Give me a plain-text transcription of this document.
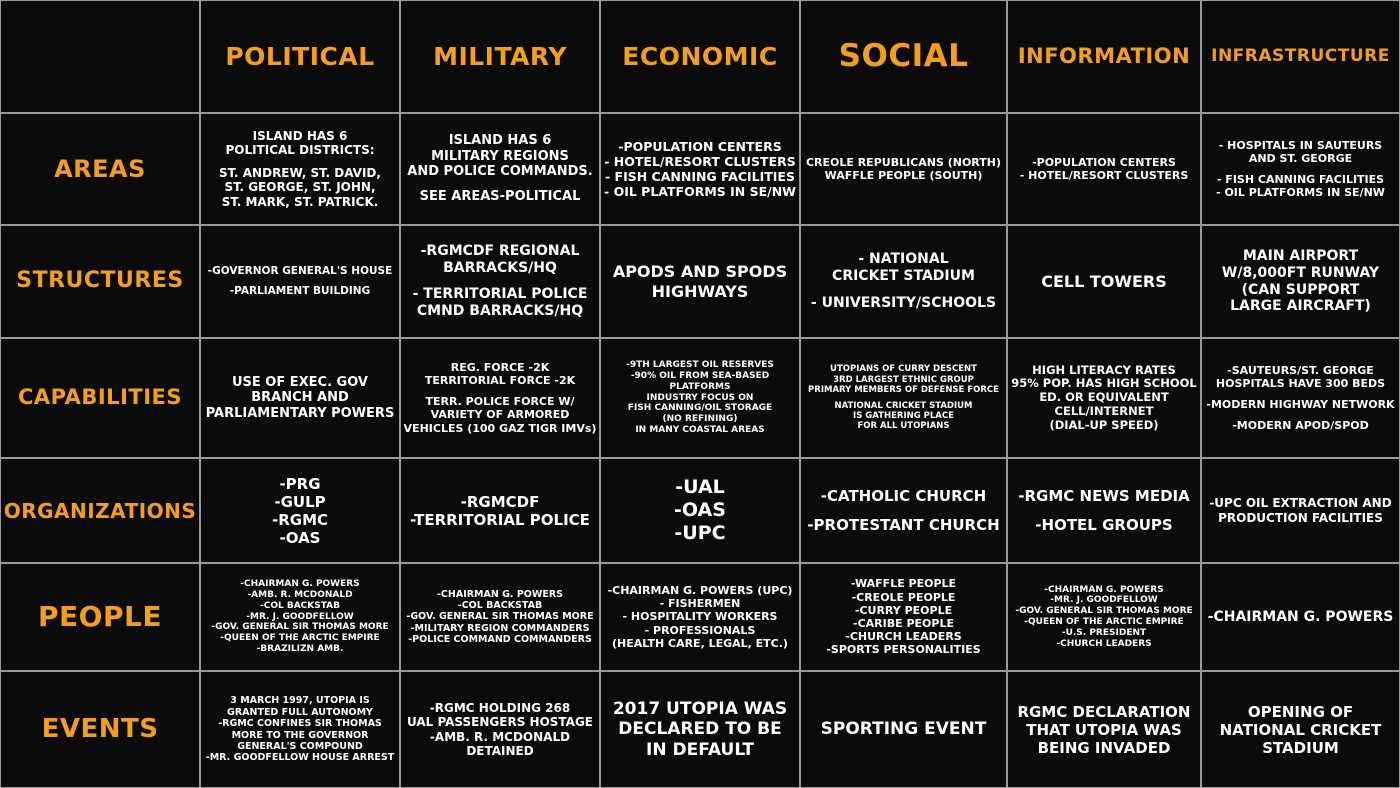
POLITICAL MILITARY ECONOMIC SOCIAL INFORMATION INFRASTRUCTURE
AREAS
ISLAND HAS 6
POLITICAL DISTRICTS:
ST. ANDREW, ST. DAVID,
ST. GEORGE, ST. JOHN,
ST. MARK, ST. PATRICK.
ISLAND HAS 6
MILITARY REGIONS
AND POLICE COMMANDS.
SEE AREAS-POLITICAL
-POPULATION CENTERS
- HOTEL/RESORT CLUSTERS
- FISH CANNING FACILITIES
- OIL PLATFORMS IN SE/NW
CREOLE REPUBLICANS (NORTH)
WAFFLE PEOPLE (SOUTH)
-POPULATION CENTERS
- HOTEL/RESORT CLUSTERS
- HOSPITALS IN SAUTEURS
AND ST. GEORGE
- FISH CANNING FACILITIES
- OIL PLATFORMS IN SE/NW
STRUCTURES -GOVERNOR GENERAL'S HOUSE
-PARLIAMENT BUILDING
-RGMCDF REGIONAL
BARRACKS/HQ
- TERRITORIAL POLICE
CMND BARRACKS/HQ
APODS AND SPODS
HIGHWAYS
- NATIONAL
CRICKET STADIUM
- UNIVERSITY/SCHOOLS
CELL TOWERS
MAIN AIRPORT
W/8,000FT RUNWAY
(CAN SUPPORT
LARGE AIRCRAFT)
CAPABILITIES
USE OF EXEC. GOV
BRANCH AND
PARLIAMENTARY POWERS
REG. FORCE -2K
TERRITORIAL FORCE -2K
TERR. POLICE FORCE W/
VARIETY OF ARMORED
VEHICLES (100 GAZ TIGR IMVs)
-9TH LARGEST OIL RESERVES
-90% OIL FROM SEA-BASED
PLATFORMS
INDUSTRY FOCUS ON
FISH CANNING/OIL STORAGE
(NO REFINING)
IN MANY COASTAL AREAS
UTOPIANS OF CURRY DESCENT
3RD LARGEST ETHNIC GROUP
PRIMARY MEMBERS OF DEFENSE FORCE
NATIONAL CRICKET STADIUM
IS GATHERING PLACE
FOR ALL UTOPIANS
HIGH LITERACY RATES
95% POP. HAS HIGH SCHOOL
ED. OR EQUIVALENT
CELL/INTERNET
(DIAL-UP SPEED)
-SAUTEURS/ST. GEORGE
HOSPITALS HAVE 300 BEDS
-MODERN HIGHWAY NETWORK
-MODERN APOD/SPOD
ORGANIZATIONS
-PRG
-GULP
-RGMC
-OAS
-RGMCDF
-TERRITORIAL POLICE
-UAL
-OAS
-UPC
-CATHOLIC CHURCH
-PROTESTANT CHURCH
-RGMC NEWS MEDIA
-HOTEL GROUPS
-UPC OIL EXTRACTION AND
PRODUCTION FACILITIES
PEOPLE
-CHAIRMAN G. POWERS
-AMB. R. MCDONALD
-COL BACKSTAB
-MR. J. GOODFELLOW
-GOV. GENERAL SIR THOMAS MORE
-QUEEN OF THE ARCTIC EMPIRE
-BRAZILIZN AMB.
-CHAIRMAN G. POWERS
-COL BACKSTAB
-GOV. GENERAL SIR THOMAS MORE
-MILITARY REGION COMMANDERS
-POLICE COMMAND COMMANDERS
-CHAIRMAN G. POWERS (UPC)
- FISHERMEN
- HOSPITALITY WORKERS
- PROFESSIONALS
(HEALTH CARE, LEGAL, ETC.)
-WAFFLE PEOPLE
-CREOLE PEOPLE
-CURRY PEOPLE
-CARIBE PEOPLE
-CHURCH LEADERS
-SPORTS PERSONALITIES
-CHAIRMAN G. POWERS
-MR. J. GOODFELLOW
-GOV. GENERAL SIR THOMAS MORE
-QUEEN OF THE ARCTIC EMPIRE
-U.S. PRESIDENT
-CHURCH LEADERS
-CHAIRMAN G. POWERS
EVENTS
3 MARCH 1997, UTOPIA IS
GRANTED FULL AUTONOMY
-RGMC CONFINES SIR THOMAS
MORE TO THE GOVERNOR
GENERAL'S COMPOUND
-MR. GOODFELLOW HOUSE ARREST
-RGMC HOLDING 268
UAL PASSENGERS HOSTAGE
-AMB. R. MCDONALD
DETAINED
2017 UTOPIA WAS
DECLARED TO BE
IN DEFAULT
SPORTING EVENT
RGMC DECLARATION
THAT UTOPIA WAS
BEING INVADED
OPENING OF
NATIONAL CRICKET
STADIUM
